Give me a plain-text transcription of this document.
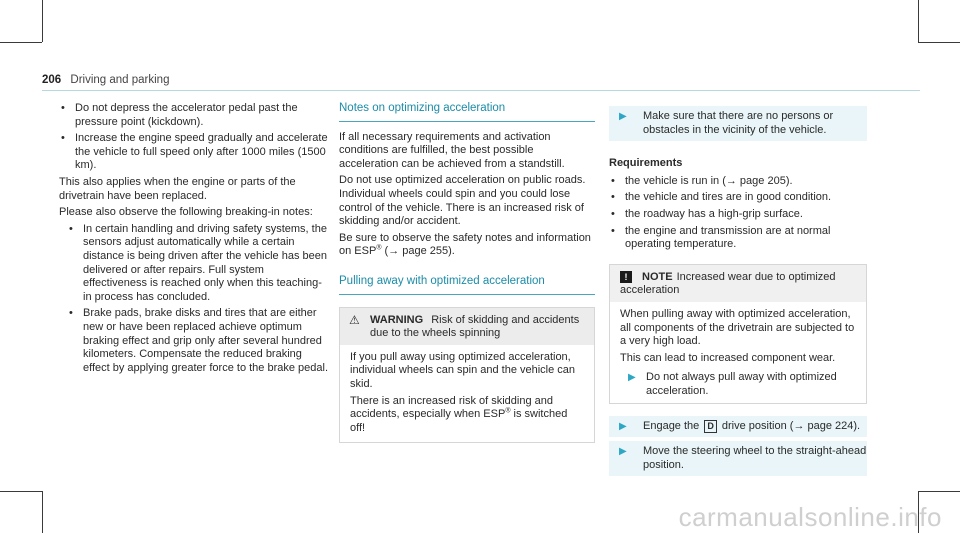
206 Driving and parking
• Do not depress the accelerator pedal past the pressure point (kickdown).
• Increase the engine speed gradually and accelerate the vehicle to full speed only after 1000 miles (1500 km).

This also applies when the engine or parts of the drivetrain have been replaced.

Please also observe the following breaking-in notes:

• In certain handling and driving safety systems, the sensors adjust automatically while a certain distance is being driven after the vehicle has been delivered or after repairs. Full system effectiveness is reached only when this teaching-in process has concluded.
• Brake pads, brake disks and tires that are either new or have been replaced achieve optimum braking effect and grip only after several hundred kilometers. Compensate the reduced braking effect by applying greater force to the brake pedal.
Notes on optimizing acceleration

If all necessary requirements and activation conditions are fulfilled, the best possible acceleration can be achieved from a standstill.

Do not use optimized acceleration on public roads. Individual wheels could spin and you could lose control of the vehicle. There is an increased risk of skidding and/or accident.

Be sure to observe the safety notes and information on ESP® (→ page 255).

Pulling away with optimized acceleration
⚠ WARNING Risk of skidding and accidents due to the wheels spinning

If you pull away using optimized acceleration, individual wheels can spin and the vehicle can skid.

There is an increased risk of skidding and accidents, especially when ESP® is switched off!

▶ Make sure that there are no persons or obstacles in the vicinity of the vehicle.
Requirements
• the vehicle is run in (→ page 205).
• the vehicle and tires are in good condition.
• the roadway has a high-grip surface.
• the engine and transmission are at normal operating temperature.
! NOTE Increased wear due to optimized acceleration

When pulling away with optimized acceleration, all components of the drivetrain are subjected to a very high load.

This can lead to increased component wear.

▶ Do not always pull away with optimized acceleration.
▶ Engage the D drive position (→ page 224).
▶ Move the steering wheel to the straight-ahead position.
carmanualsonline.info
